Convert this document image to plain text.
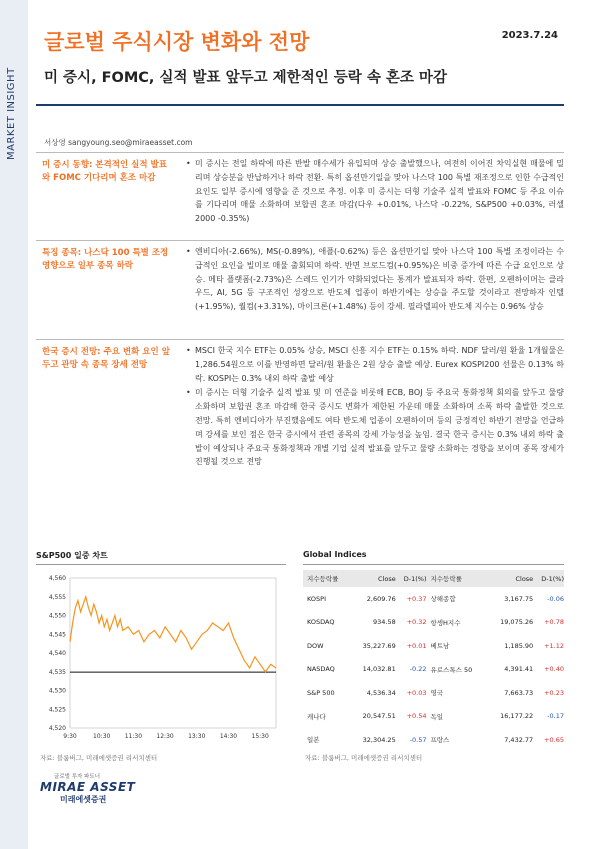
MARKET INSIGHT
2023.7.24
글로벌 주식시장 변화와 전망
미 증시, FOMC, 실적 발표 앞두고 제한적인 등락 속 혼조 마감
서상영 sangyoung.seo@miraeasset.com
미 증시 동향: 본격적인 실적 발표와 FOMC 기다리며 혼조 마감
• 미 증시는 전일 하락에 따른 반발 매수세가 유입되며 상승 출발했으나, 여전히 이어진 차익실현 매물에 밀리며 상승분을 반납하거나 하락 전환. 특히 옵션만기일을 맞아 나스닥 100 특별 재조정으로 인한 수급적인 요인도 일부 증시에 영향을 준 것으로 추정. 이후 미 증시는 더형 기술주 실적 발표와 FOMC 등 주요 이슈를 기다리며 매물 소화하며 보합권 혼조 마감(다우 +0.01%, 나스닥 -0.22%, S&P500 +0.03%, 러셀2000 -0.35%)
특징 종목: 나스닥 100 특별 조정 영향으로 일부 종목 하락
• 엔비디아(-2.66%), MS(-0.89%), 애플(-0.62%) 등은 옵션만기일 맞아 나스닥 100 특별 조정이라는 수급적인 요인을 빌미로 매물 출회되며 하락. 반면 브로드컴(+0.95%)은 비중 증가에 따른 수급 요인으로 상승. 메타 플랫폼(-2.73%)은 스레드 인기가 약화되었다는 통계가 발표되자 하락. 한편, 오펜하이머는 클라우드, AI, 5G 등 구조적인 성장으로 반도체 업종이 하반기에는 상승을 주도할 것이라고 전망하자 인텔(+1.95%), 퀄컴(+3.31%), 마이크론(+1.48%) 등이 강세. 필라델피아 반도체 지수는 0.96% 상승
한국 증시 전망: 주요 변화 요인 앞두고 관망 속 종목 장세 전망
• MSCI 한국 지수 ETF는 0.05% 상승, MSCI 신흥 지수 ETF는 0.15% 하락. NDF 달러/원 환율 1개월물은 1,286.54원으로 이를 반영하면 달러/원 환율은 2원 상승 출발 예상. Eurex KOSPI200 선물은 0.13% 하락. KOSPI는 0.3% 내외 하락 출발 예상
• 미 증시는 더형 기술주 실적 발표 및 미 연준을 비롯해 ECB, BOJ 등 주요국 통화정책 회의를 앞두고 물량 소화하며 보합권 혼조 마감해 한국 증시도 변화가 제한된 가운데 매물 소화하며 소폭 하락 출발한 것으로 전망. 특히 엔비디아가 부진했음에도 여타 반도체 업종이 오펜하이머 등의 긍정적인 하반기 전망을 언급하며 강세를 보인 점은 한국 증시에서 관련 종목의 강세 가능성을 높임. 결국 한국 증시는 0.3% 내외 하락 출발이 예상되나 주요국 통화정책과 개별 기업 실적 발표를 앞두고 물량 소화하는 경향을 보이며 종목 장세가 진행될 것으로 전망
S&P500 일중 차트
4,520
4,525
4,530
4,535
4,540
4,545
4,550
4,555
4,560
9:30	10:30 11:30 12:30 13:30 14:30 15:30
자료: 블룸버그, 미래에셋증권 리서치센터
Global Indices
지수등락률	Close	D-1(%)	지수등락률	Close	D-1(%)
KOSPI	2,609.76	+0.37	상해종합	3,167.75	-0.06
KOSDAQ	934.58	+0.32	항셍H지수	19,075.26	+0.78
DOW	35,227.69	+0.01	베트남	1,185.90	+1.12
NASDAQ	14,032.81	-0.22	유로스톡스 50	4,391.41	+0.40
S&P 500	4,536.34	+0.03	영국	7,663.73	+0.23
캐나다	20,547.51	+0.54	독일	16,177.22	-0.17
일본	32,304.25	-0.57	프랑스	7,432.77	+0.65
자료: 블룸버그, 미래에셋증권 리서치센터
글로벌 투자 파트너
MIRAE ASSET
미래에셋증권
